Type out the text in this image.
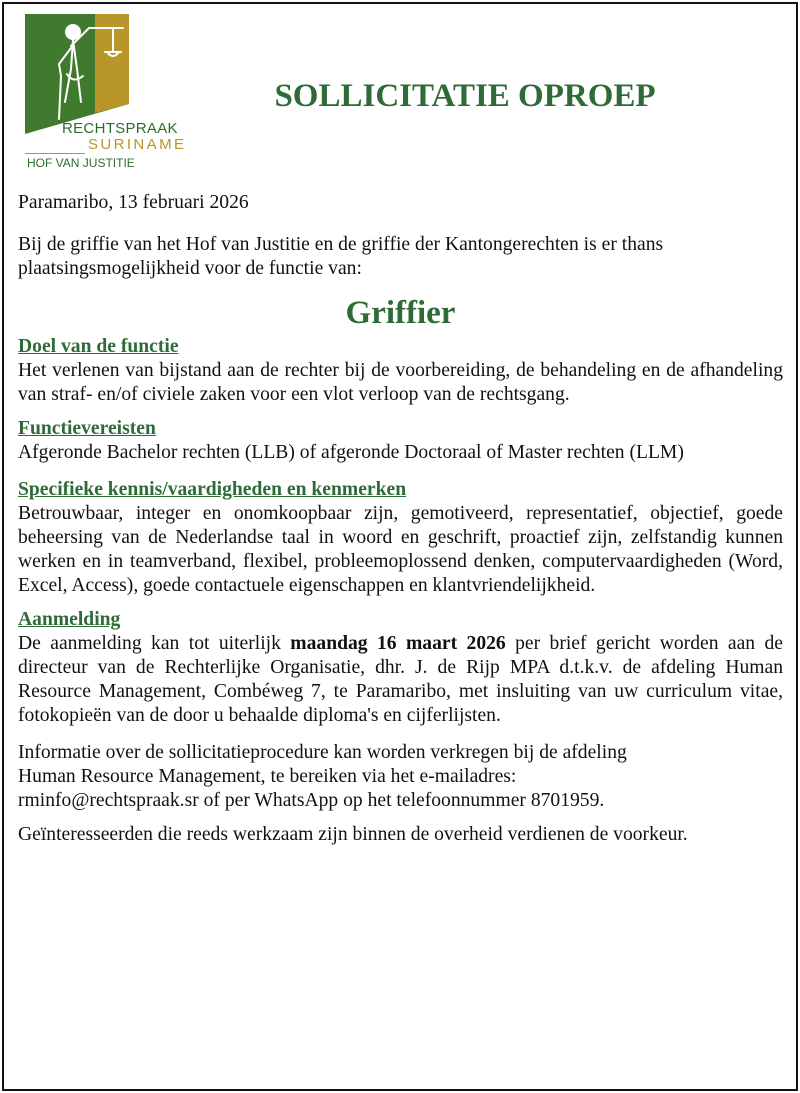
RECHTSPRAAK
SURINAME
HOF VAN JUSTITIE
SOLLICITATIE OPROEP

Paramaribo, 13 februari 2026

Bij de griffie van het Hof van Justitie en de griffie der Kantongerechten is er thans plaatsingsmogelijkheid voor de functie van:

Griffier

Doel van de functie

Het verlenen van bijstand aan de rechter bij de voorbereiding, de behandeling en de afhandeling van straf- en/of civiele zaken voor een vlot verloop van de rechtsgang.

Functievereisten

Afgeronde Bachelor rechten (LLB) of afgeronde Doctoraal of Master rechten (LLM)

Specifieke kennis/vaardigheden en kenmerken

Betrouwbaar, integer en onomkoopbaar zijn, gemotiveerd, representatief, objectief, goede beheersing van de Nederlandse taal in woord en geschrift, proactief zijn, zelfstandig kunnen werken en in teamverband, flexibel, probleemoplossend denken, computervaardigheden (Word, Excel, Access), goede contactuele eigenschappen en klantvriendelijkheid.

Aanmelding

De aanmelding kan tot uiterlijk maandag 16 maart 2026 per brief gericht worden aan de directeur van de Rechterlijke Organisatie, dhr. J. de Rijp MPA d.t.k.v. de afdeling Human Resource Management, Combéweg 7, te Paramaribo, met insluiting van uw curriculum vitae, fotokopieën van de door u behaalde diploma's en cijferlijsten.

Informatie over de sollicitatieprocedure kan worden verkregen bij de afdeling

Human Resource Management, te bereiken via het e-mailadres:

rminfo@rechtspraak.sr of per WhatsApp op het telefoonnummer 8701959.

Geïnteresseerden die reeds werkzaam zijn binnen de overheid verdienen de voorkeur.
